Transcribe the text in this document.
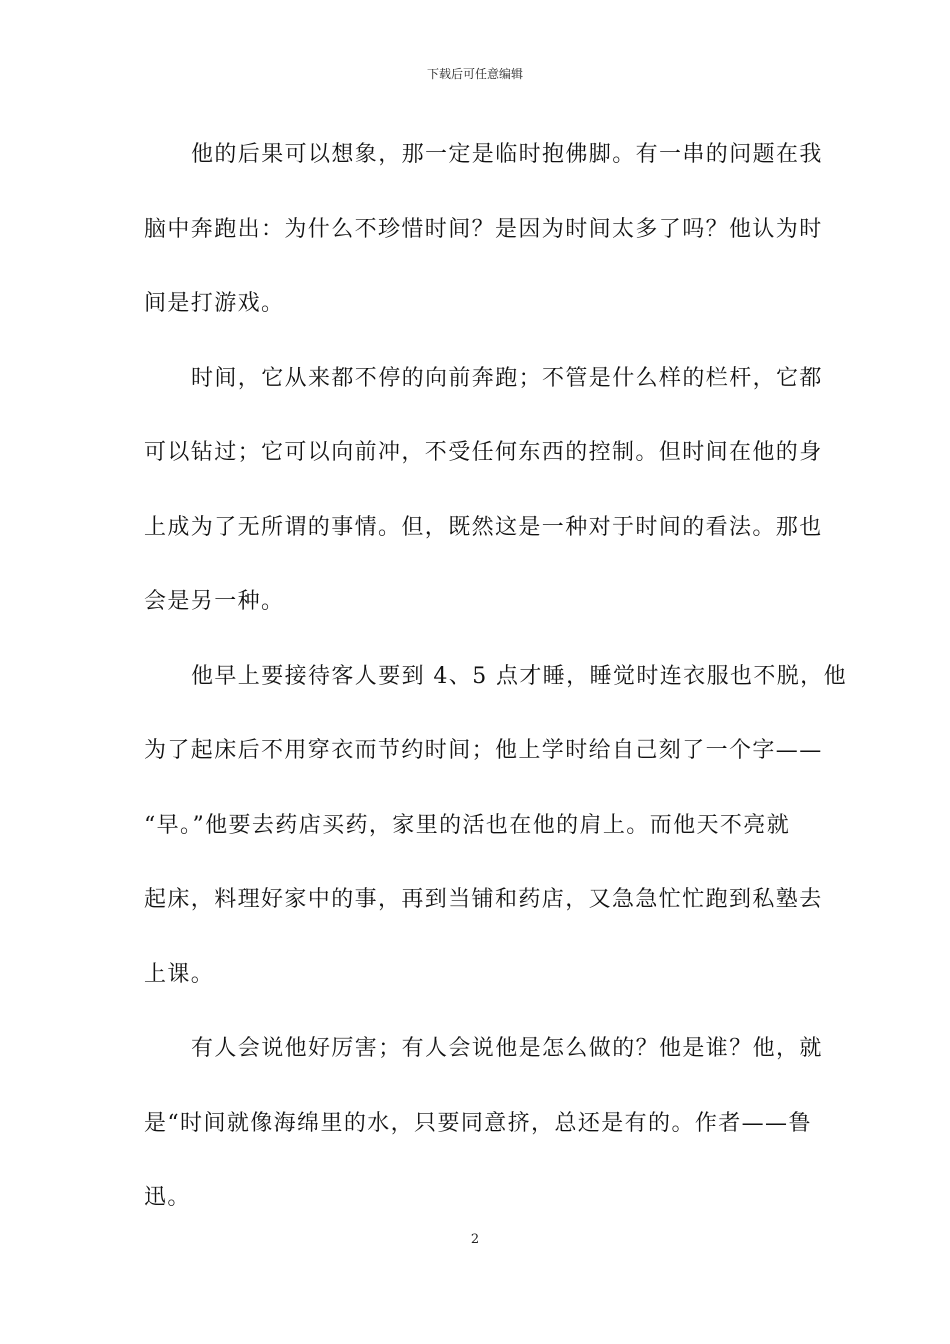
下载后可任意编辑
他的后果可以想象，那一定是临时抱佛脚。有一串的问题在我
脑中奔跑出：为什么不珍惜时间？是因为时间太多了吗？他认为时
间是打游戏。
时间，它从来都不停的向前奔跑；不管是什么样的栏杆，它都
可以钻过；它可以向前冲，不受任何东西的控制。但时间在他的身
上成为了无所谓的事情。但，既然这是一种对于时间的看法。那也
会是另一种。
他早上要接待客人要到 4、5 点才睡，睡觉时连衣服也不脱，他
为了起床后不用穿衣而节约时间；他上学时给自己刻了一个字——
“早。”他要去药店买药，家里的活也在他的肩上。而他天不亮就
起床，料理好家中的事，再到当铺和药店，又急急忙忙跑到私塾去
上课。
有人会说他好厉害；有人会说他是怎么做的？他是谁？他，就
是“时间就像海绵里的水，只要同意挤，总还是有的。作者——鲁
迅。
2
